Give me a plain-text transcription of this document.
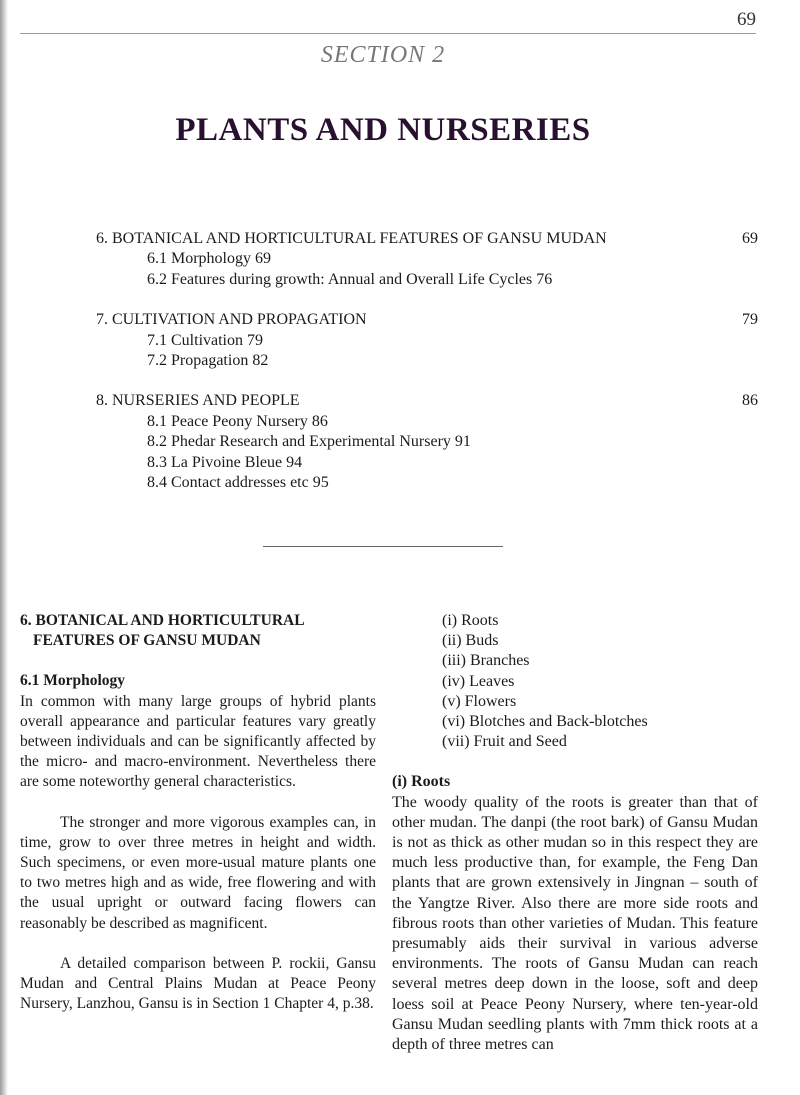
69
SECTION 2
PLANTS AND NURSERIES
6. BOTANICAL AND HORTICULTURAL FEATURES OF GANSU MUDAN	69
6.1 Morphology 69
6.2 Features during growth: Annual and Overall Life Cycles 76
7. CULTIVATION AND PROPAGATION	79
7.1 Cultivation 79
7.2 Propagation 82
8. NURSERIES AND PEOPLE	86
8.1 Peace Peony Nursery 86
8.2 Phedar Research and Experimental Nursery 91
8.3 La Pivoine Bleue 94
8.4 Contact addresses etc 95
6. BOTANICAL AND HORTICULTURAL
FEATURES OF GANSU MUDAN
6.1 Morphology

In common with many large groups of hybrid plants overall appearance and particular features vary greatly between individuals and can be significantly affected by the micro- and macro-environment. Nevertheless there are some noteworthy general characteristics.

The stronger and more vigorous examples can, in time, grow to over three metres in height and width. Such specimens, or even more-usual mature plants one to two metres high and as wide, free flowering and with the usual upright or outward facing flowers can reasonably be described as magnificent.

A detailed comparison between P. rockii, Gansu Mudan and Central Plains Mudan at Peace Peony Nursery, Lanzhou, Gansu is in Section 1 Chapter 4, p.38.

(i) Roots
(ii) Buds
(iii) Branches
(iv) Leaves
(v) Flowers
(vi) Blotches and Back-blotches
(vii) Fruit and Seed
(i) Roots

The woody quality of the roots is greater than that of other mudan. The danpi (the root bark) of Gansu Mudan is not as thick as other mudan so in this respect they are much less productive than, for example, the Feng Dan plants that are grown extensively in Jingnan – south of the Yangtze River. Also there are more side roots and fibrous roots than other varieties of Mudan. This feature presumably aids their survival in various adverse environments. The roots of Gansu Mudan can reach several metres deep down in the loose, soft and deep loess soil at Peace Peony Nursery, where ten-year-old Gansu Mudan seedling plants with 7mm thick roots at a depth of three metres can
